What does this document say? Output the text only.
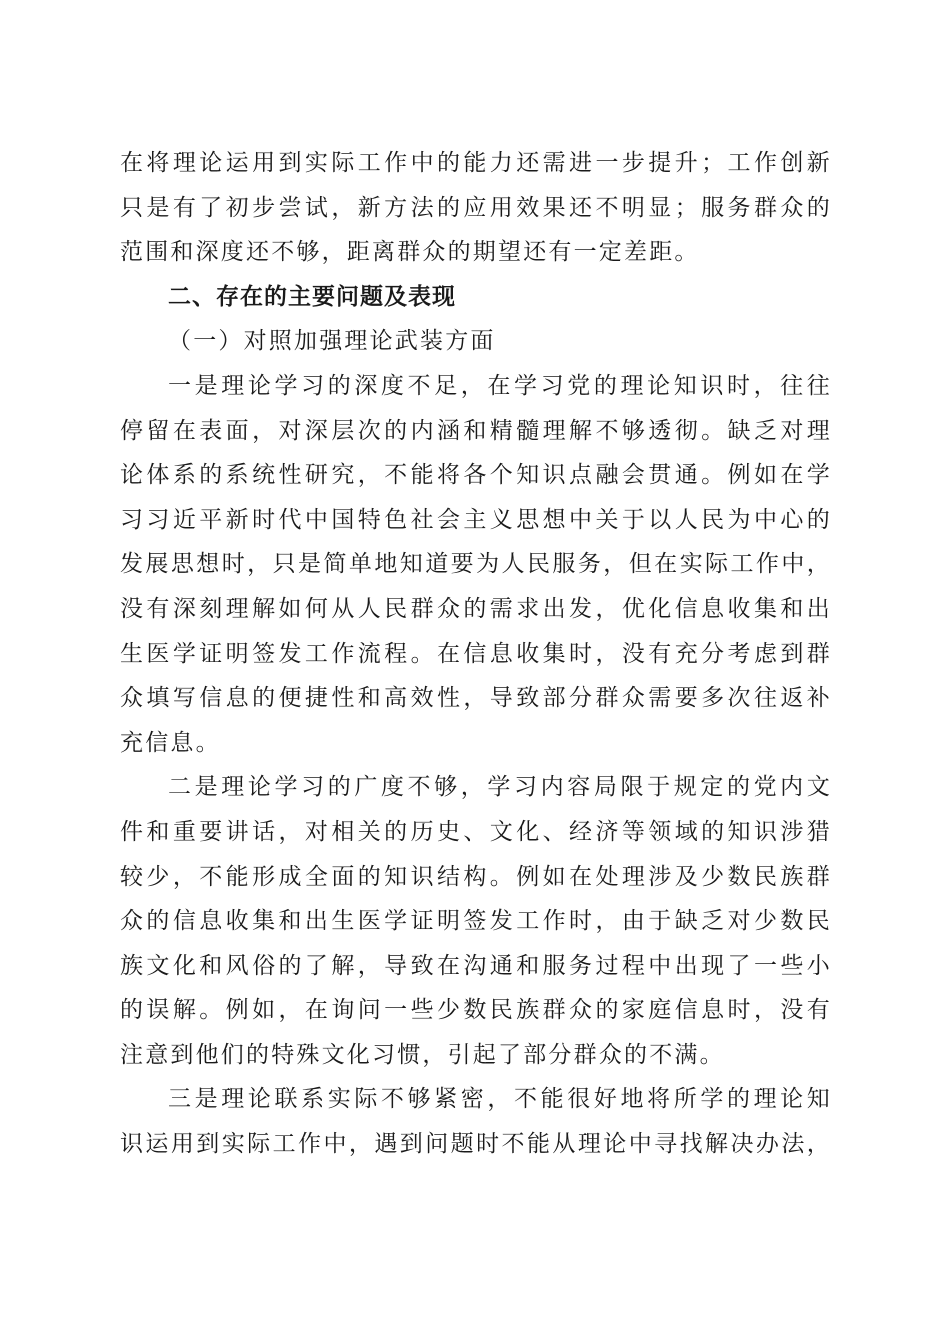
在将理论运用到实际工作中的能力还需进一步提升；工作创新
只是有了初步尝试，新方法的应用效果还不明显；服务群众的
范围和深度还不够，距离群众的期望还有一定差距。
二、存在的主要问题及表现
（一）对照加强理论武装方面
一是理论学习的深度不足，在学习党的理论知识时，往往
停留在表面，对深层次的内涵和精髓理解不够透彻。缺乏对理
论体系的系统性研究，不能将各个知识点融会贯通。例如在学
习习近平新时代中国特色社会主义思想中关于以人民为中心的
发展思想时，只是简单地知道要为人民服务，但在实际工作中，
没有深刻理解如何从人民群众的需求出发，优化信息收集和出
生医学证明签发工作流程。在信息收集时，没有充分考虑到群
众填写信息的便捷性和高效性，导致部分群众需要多次往返补
充信息。
二是理论学习的广度不够，学习内容局限于规定的党内文
件和重要讲话，对相关的历史、文化、经济等领域的知识涉猎
较少，不能形成全面的知识结构。例如在处理涉及少数民族群
众的信息收集和出生医学证明签发工作时，由于缺乏对少数民
族文化和风俗的了解，导致在沟通和服务过程中出现了一些小
的误解。例如，在询问一些少数民族群众的家庭信息时，没有
注意到他们的特殊文化习惯，引起了部分群众的不满。
三是理论联系实际不够紧密，不能很好地将所学的理论知
识运用到实际工作中，遇到问题时不能从理论中寻找解决办法，
